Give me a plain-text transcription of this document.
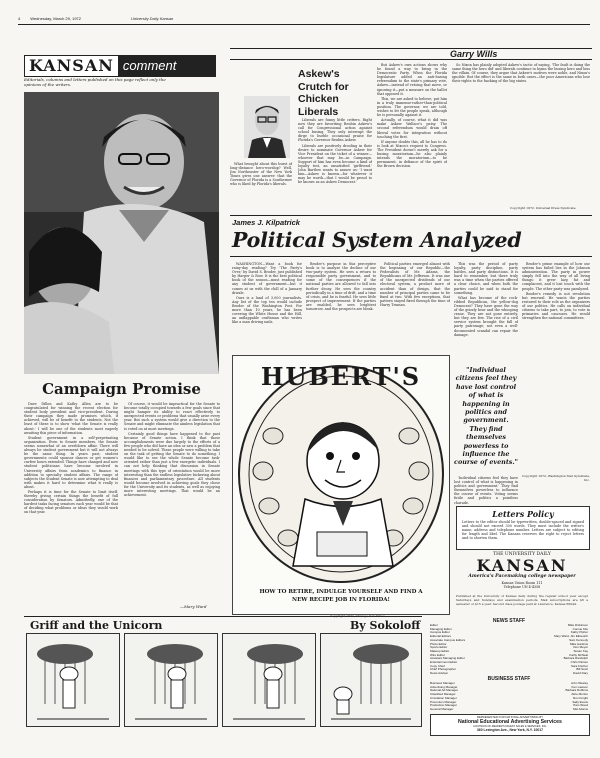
4	Wednesday, March 29, 1972	University Daily Kansan
KANSAN comment
Editorials, columns and letters published on this page reflect only the
opinions of the writers.
Campaign Promise

Dave Dillon and Kathy Allen are to be congratulated for winning the recent election for student body president and vice-president. During their campaign they made promises which, if achieved, will be of benefit to the students. Not the least of these is to show 'what the Senate is really about.' I will be one of the students most eagerly awaiting this piece of information.

Student government in a self-perpetuating organization. Even to Senate members, the Senate seems somewhat of an overblown affair. There will always be student government but it will not always be the same thing. In years past, student governments could sponsor dances or get women's curfew hours extended. Things have changed and now student politicians have become involved in University affairs from academics to finance in addition to specialty student affairs. The range of subjects the Student Senate is now attempting to deal with makes it hard to determine what it really is about.

Perhaps it is time for the Senate to limit itself, thereby giving certain things the benefit of full consideration by Senators. Admittedly, one of the hardest tasks facing senators each year would be that of deciding what problems or ideas they would work on that year.

Of course, it would be impractical for the Senate to become totally occupied towards a few goals since that might hamper its ability to react effectively to unexpected events or problems that usually arise every year. But such a system would give a direction to the Senate and might eliminate the aimless legislation that is voted on at most meetings.

Certainly good things have happened to the past because of Senate action. I think that those accomplishments were due largely to the efforts of a few people who did have an idea or saw a problem that needed to be solved. These people were willing to take on the task of getting the Senate to do something. I would like to see the whole Senate become task-oriented rather than just a few energetic individuals. I can not help thinking that discussion in Senate meetings with this type of orientation would be more interesting than the endless legislative bickering about finances and parliamentary procedure. All students would become involved in achieving goals they chose for the University and its students, as well as enjoying more interesting meetings. That would be an achievement.

—Mary Ward
Garry Wills
Askew's Crutch for Chicken Liberals

Liberals are funny little critters. Right now they are favoriting Reubin Askew's call for Congressional action against school busing. They only interrupt the dirge to burble occasional praise for Florida's Governor Reubin Askew.

Liberals are positively drooling in their desire to nominate Governor Askew for Vice President on the ticket of a winner—whoever that may be—in Campaign. Support of him has even become a kind of loyalty test, an unsatisfied 'girlfriend.' John Bartlow wants to assure us: 'I want him—Askew is known—for whatever it may be worth—that I would be proud to be known as an Askew Democrat.'

What brought about this burst of long-distance hero-worship? Well, Jim Northeaster of the New York Times gives one answer: that the Governor of Florida is a Southerner who is liked by Florida's liberals.

But Askew's own actions shows why he found a way to bring in the Democratic Party. When the Florida legislature added an anti-busing referendum to the state's primary vote, Askew—instead of vetoing that move, or ignoring it—put a measure on the ballot that opposed it.

This, we are asked to believe, put him in a truly immense-rather-than-political position. The governor, we are told, wishes to let the people speak, although he is personally against it.

Actually, of course, what it did was make Askew Wallace's patsy. The second referendum would drain off liberal votes for integration without touching the first.

If anyone doubts this, all he has to do is look at Nixon's request to Congress. The President doesn't merely ask for a busing moratorium—he also plainly intends the moratorium—to be permanent, in defiance of the spirit of the Brown decision.

So Nixon has plainly adopted Askew's tactic of saying, 'The fault is doing the same thing the hero did' and liberals continue to hymn the busing hero and hiss the villain. Of course, they argue that Askew's motives were noble, and Nixon's ignoble. But the effect is the same in both cases—the poor Americans who lose their rights to the backing of the big states.

Copyright 1972, Universal Press Syndicate
James J. Kilpatrick
Political System Analyzed

WASHINGTON—Want a book for rainy-day reading? Try 'The Party's Over,' by David S. Broder, just published by Harper & Row. It is the best political book of the season—must reading for any student of government—but it comes at us with the chill of a January drizzle.

Ours is a land of 3,000 journalists. Any list of the top ten would include Broder of the Washington Post. For more than 10 years, he has been covering the White House and the Hill, an unflappable craftsman who writes like a man driving nails.

Broder's purpose in this perceptive book is to analyze the decline of our two-party system. He sees a return to responsible party government, and to some of the consequences if the national parties are allowed to fall into further decay. He sees the country periodically in a time of drift, and a time of crisis, and he is fearful. He sees little prospect of improvement. If the parties are enabled, he sees brightest tomorrow, and the prospects are bleak.

Political parties emerged almost with the beginning of our Republic—the Federalists of Mr. Adams, the Republicans of Mr. Jefferson. It was one of the unexpected dividends of our electoral system, a product more of accident than of design, that the number of principal parties came to be fixed at two. With few exceptions, that pattern stayed fixed through the time of Harry Truman.

This was the period of party loyalty, party discipline, party battles, and party distinctions. It is hard to remember, but there truly was a time when the parties offered a clear choice, and when both the parties could be said to stand for something.

What has become of the rock-ribbed Republican, the yellow-dog Democrat? They have gone the way of the grizzly bear and the whooping crane. They are not gone entirely, but they are few. The rise of a civil service system brought the fall of party patronage; not even a well-documented scandal can repair the damage.

Broder's prime example of how our system has failed lies in the Johnson administration. The party in power simply fell into the way of all living things: it grew lazy, fat and complacent, and it lost touch with the people. The other party was paralyzed.

Broder's remedy is not revolution but renewal. He wants the parties restored to their role as the organizers of our politics. He calls on individual citizens to take part, to join, to vote in primaries and caucuses. He would strengthen the national committees.

"Individual citizens feel they have lost control of what is happening in politics and government. They find themselves powerless to influence the course of events."

'Individual citizens feel they have lost control of what is happening in politics and government.' They find themselves powerless to influence the course of events. Voting seems futile and politics a pointless charade.

Copyright 1972, Washington Star Syndicate, Inc.
HUBERT'S
HOW TO RETIRE, INDULGE YOURSELF AND FIND A
NEW RECIPE JOB IN FLORIDA!
Letters Policy
Letters to the editor should be typewritten, double-spaced and signed and should not exceed 300 words. They must include the writer's name, address and telephone number. Letters are subject to editing for length and libel. The Kansan reserves the right to reject letters and to shorten them.
THE UNIVERSITY DAILY
KANSAN
America's Pacemaking college newspaper
Kansas Union Room 111
Telephone UN 4-4358
Published at the University of Kansas daily during the regular school year except Saturdays and Sundays and examination periods. Mail subscriptions are $8 a semester or $15 a year. Second class postage paid at Lawrence, Kansas 66044.
Griff and the Unicorn	By Sokoloff	NEWS STAFF
Editor	Mike Dickinson
Managing Editor	Connie Kile
Campus Editor	Kathy Pipher
Editorial Editors	Mary Ward, Jim Ellsworth
Associate Campus Editors	Sam Kennedy
Photo Editor	Mike Hankins
Sports Editor	Don Meyer
Makeup Editor	Susan Kay
Wire Editor	Kathy McNeal
Assistant Managing Editor	Barbara Randolph
Entertainment Editor	Chris Palmer
Copy Chief	Sara Fischer
Chief Photographer	Bill Scott
News Adviser	David Dary
BUSINESS STAFF
Business Manager	John Wesley
Advertising Manager	Ken Lawson
National Ad Manager	Barbara Dobbins
Classified Manager	Alice Morton
Circulation Manager	Ron Knight
Promotion Manager	Sally Evans
Production Manager	Pam Wood
General Manager	Mel Adams
REPRESENTED FOR NATIONAL ADVERTISING BY
National Educational Advertising Services
A DIVISION OF READER'S DIGEST SALES & SERVICES, INC.
360 Lexington Ave., New York, N.Y. 10017
